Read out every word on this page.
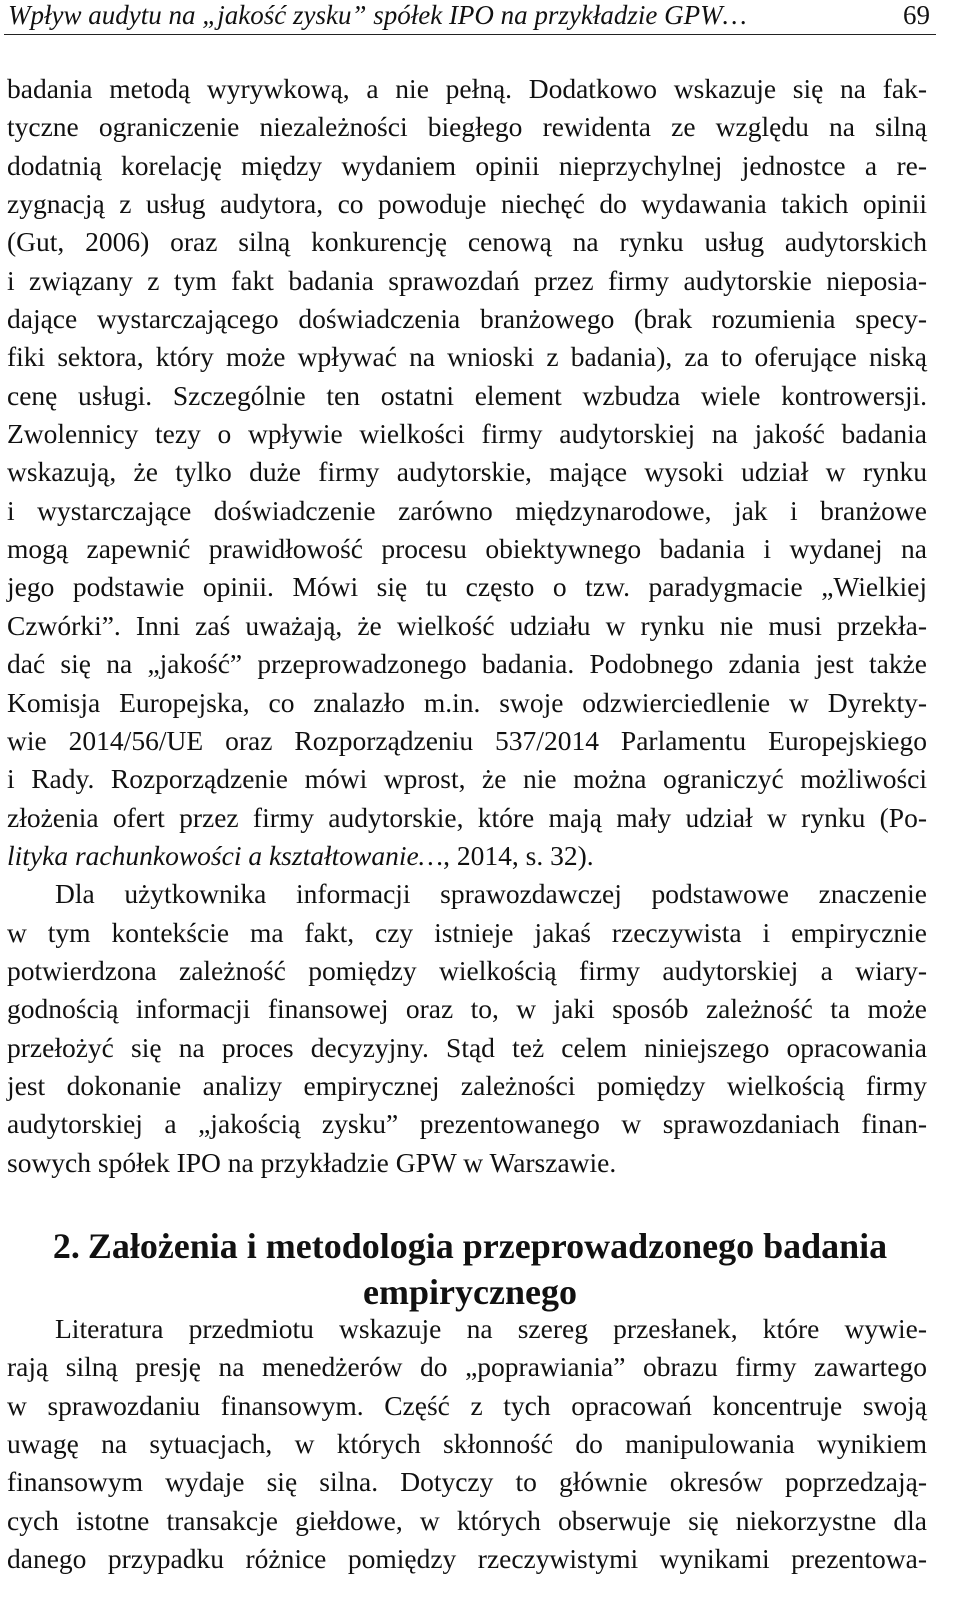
Wpływ audytu na „jakość zysku” spółek IPO na przykładzie GPW…	69
badania metodą wyrywkową, a nie pełną. Dodatkowo wskazuje się na fak-
tyczne ograniczenie niezależności biegłego rewidenta ze względu na silną
dodatnią korelację między wydaniem opinii nieprzychylnej jednostce a re-
zygnacją z usług audytora, co powoduje niechęć do wydawania takich opinii
(Gut, 2006) oraz silną konkurencję cenową na rynku usług audytorskich
i związany z tym fakt badania sprawozdań przez firmy audytorskie nieposia-
dające wystarczającego doświadczenia branżowego (brak rozumienia specy-
fiki sektora, który może wpływać na wnioski z badania), za to oferujące niską
cenę usługi. Szczególnie ten ostatni element wzbudza wiele kontrowersji.
Zwolennicy tezy o wpływie wielkości firmy audytorskiej na jakość badania
wskazują, że tylko duże firmy audytorskie, mające wysoki udział w rynku
i wystarczające doświadczenie zarówno międzynarodowe, jak i branżowe
mogą zapewnić prawidłowość procesu obiektywnego badania i wydanej na
jego podstawie opinii. Mówi się tu często o tzw. paradygmacie „Wielkiej
Czwórki”. Inni zaś uważają, że wielkość udziału w rynku nie musi przekła-
dać się na „jakość” przeprowadzonego badania. Podobnego zdania jest także
Komisja Europejska, co znalazło m.in. swoje odzwierciedlenie w Dyrekty-
wie 2014/56/UE oraz Rozporządzeniu 537/2014 Parlamentu Europejskiego
i Rady. Rozporządzenie mówi wprost, że nie można ograniczyć możliwości
złożenia ofert przez firmy audytorskie, które mają mały udział w rynku (Po-
lityka rachunkowości a kształtowanie…, 2014, s. 32).
Dla użytkownika informacji sprawozdawczej podstawowe znaczenie
w tym kontekście ma fakt, czy istnieje jakaś rzeczywista i empirycznie
potwierdzona zależność pomiędzy wielkością firmy audytorskiej a wiary-
godnością informacji finansowej oraz to, w jaki sposób zależność ta może
przełożyć się na proces decyzyjny. Stąd też celem niniejszego opracowania
jest dokonanie analizy empirycznej zależności pomiędzy wielkością firmy
audytorskiej a „jakością zysku” prezentowanego w sprawozdaniach finan-
sowych spółek IPO na przykładzie GPW w Warszawie.
2. Założenia i metodologia przeprowadzonego badania
empirycznego
Literatura przedmiotu wskazuje na szereg przesłanek, które wywie-
rają silną presję na menedżerów do „poprawiania” obrazu firmy zawartego
w sprawozdaniu finansowym. Część z tych opracowań koncentruje swoją
uwagę na sytuacjach, w których skłonność do manipulowania wynikiem
finansowym wydaje się silna. Dotyczy to głównie okresów poprzedzają-
cych istotne transakcje giełdowe, w których obserwuje się niekorzystne dla
danego przypadku różnice pomiędzy rzeczywistymi wynikami prezentowa-
